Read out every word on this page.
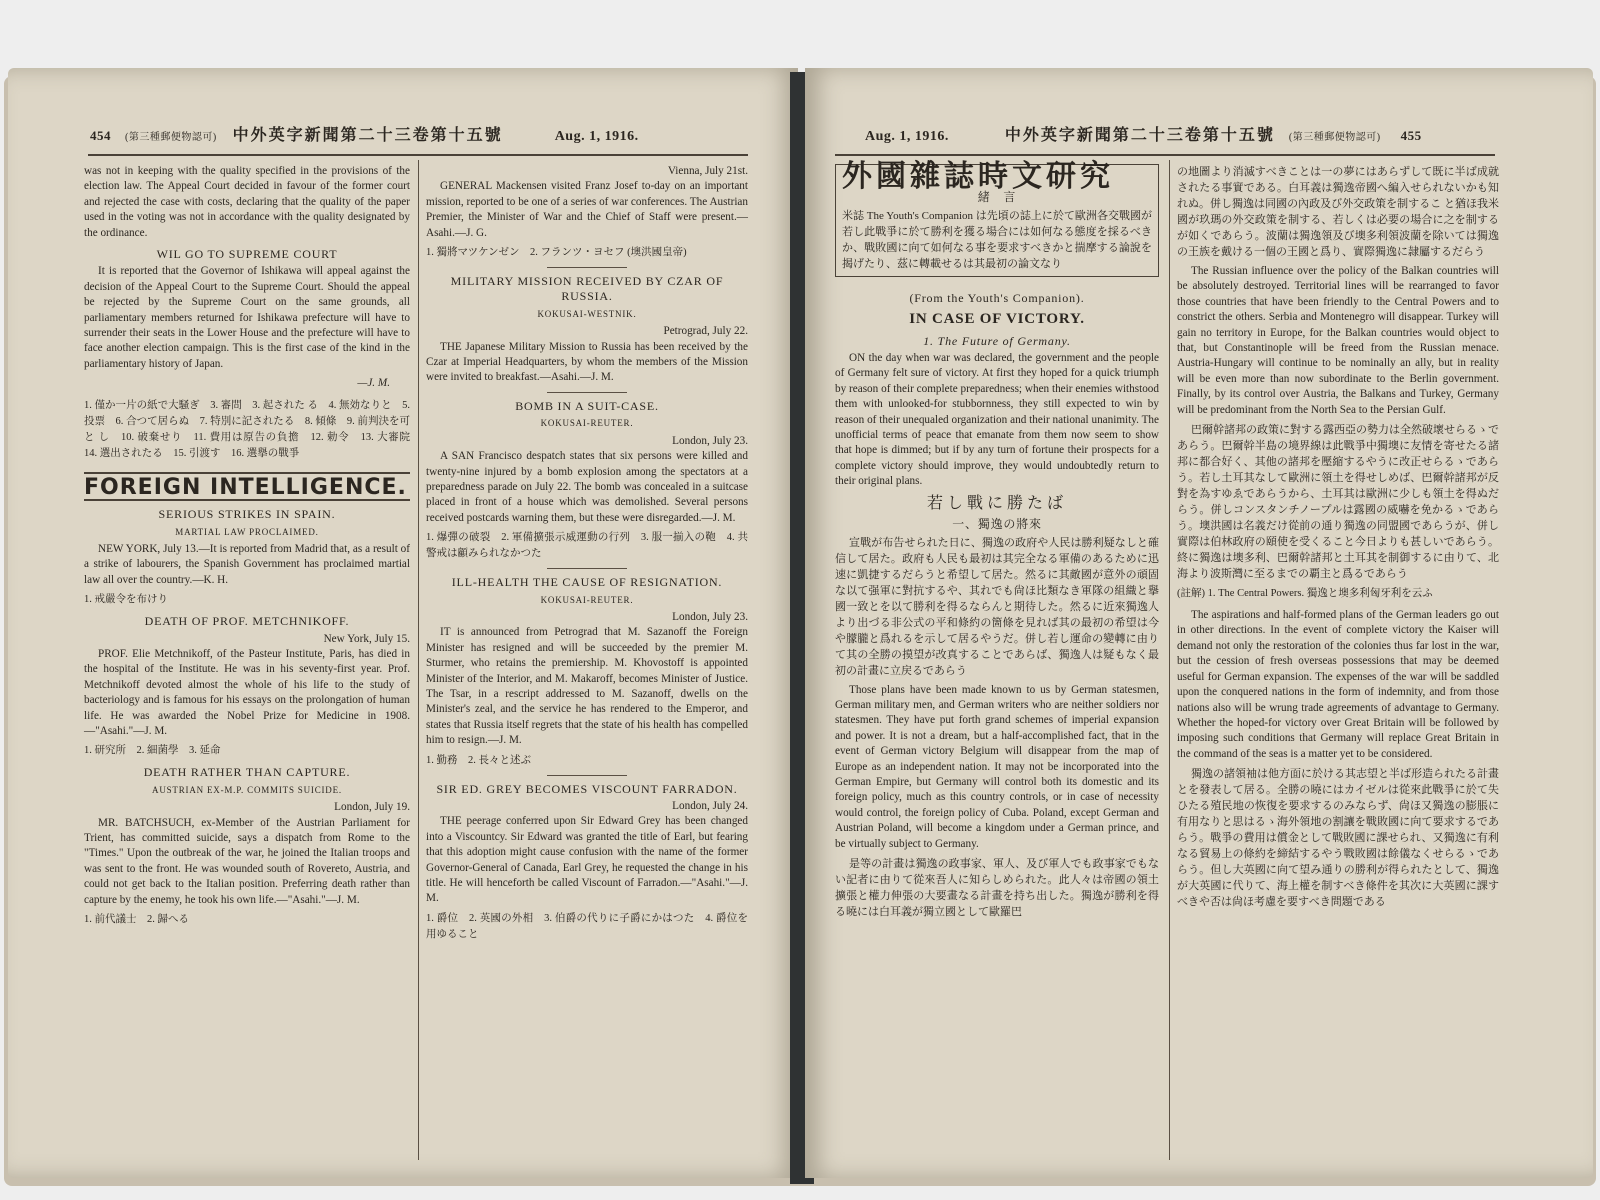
454 (第三種郵便物認可) 中外英字新聞第二十三卷第十五號	Aug. 1, 1916.

was not in keeping with the quality specified in the provisions of the election law. The Appeal Court decided in favour of the former court and rejected the case with costs, declaring that the quality of the paper used in the voting was not in accordance with the quality designated by the ordinance.

WIL GO TO SUPREME COURT

It is reported that the Governor of Ishikawa will appeal against the decision of the Appeal Court to the Supreme Court. Should the appeal be rejected by the Supreme Court on the same grounds, all parliamentary members returned for Ishikawa prefecture will have to surrender their seats in the Lower House and the prefecture will have to face another election campaign. This is the first case of the kind in the parliamentary history of Japan.

—J. M.
1. 僅か一片の紙で大騒ぎ　3. 審問　3. 起された る　4. 無効なりと　5. 投票　6. 合つて居らぬ　7. 特別に記されたる　8. 傾條　9. 前判決を可と し　10. 破棄せり　11. 費用は原告の負擔　12. 勅令　13. 大審院　14. 選出されたる　15. 引渡す　16. 選擧の戰爭
FOREIGN INTELLIGENCE.
SERIOUS STRIKES IN SPAIN.
MARTIAL LAW PROCLAIMED.

NEW YORK, July 13.—It is reported from Madrid that, as a result of a strike of labourers, the Spanish Government has proclaimed martial law all over the country.—K. H.

1. 戒嚴令を布けり
DEATH OF PROF. METCHNIKOFF.
New York, July 15.

PROF. Elie Metchnikoff, of the Pasteur Institute, Paris, has died in the hospital of the Institute. He was in his seventy-first year. Prof. Metchnikoff devoted almost the whole of his life to the study of bacteriology and is famous for his essays on the prolongation of human life. He was awarded the Nobel Prize for Medicine in 1908.—"Asahi."—J. M.

1. 研究所　2. 細菌學　3. 延命
DEATH RATHER THAN CAPTURE.
AUSTRIAN EX-M.P. COMMITS SUICIDE.
London, July 19.

MR. BATCHSUCH, ex-Member of the Austrian Parliament for Trient, has committed suicide, says a dispatch from Rome to the "Times." Upon the outbreak of the war, he joined the Italian troops and was sent to the front. He was wounded south of Rovereto, Austria, and could not get back to the Italian position. Preferring death rather than capture by the enemy, he took his own life.—"Asahi."—J. M.

1. 前代議士　2. 歸へる
Vienna, July 21st.

GENERAL Mackensen visited Franz Josef to-day on an important mission, reported to be one of a series of war conferences. The Austrian Premier, the Minister of War and the Chief of Staff were present.—Asahi.—J. G.

1. 獨將マツケンゼン　2. フランツ・ヨセフ (墺洪國皇帝)
MILITARY MISSION RECEIVED BY CZAR OF RUSSIA.
KOKUSAI-WESTNIK.
Petrograd, July 22.

THE Japanese Military Mission to Russia has been received by the Czar at Imperial Headquarters, by whom the members of the Mission were invited to breakfast.—Asahi.—J. M.

BOMB IN A SUIT-CASE.
KOKUSAI-REUTER.
London, July 23.

A SAN Francisco despatch states that six persons were killed and twenty-nine injured by a bomb explosion among the spectators at a preparedness parade on July 22. The bomb was concealed in a suitcase placed in front of a house which was demolished. Several persons received postcards warning them, but these were disregarded.—J. M.

1. 爆彈の破裂　2. 軍備擴張示威運動の行列　3. 服一揃入の鞄　4. 共警戒は顧みられなかつた
ILL-HEALTH THE CAUSE OF RESIGNATION.
KOKUSAI-REUTER.
London, July 23.

IT is announced from Petrograd that M. Sazanoff the Foreign Minister has resigned and will be succeeded by the premier M. Sturmer, who retains the premiership. M. Khovostoff is appointed Minister of the Interior, and M. Makaroff, becomes Minister of Justice. The Tsar, in a rescript addressed to M. Sazanoff, dwells on the Minister's zeal, and the service he has rendered to the Emperor, and states that Russia itself regrets that the state of his health has compelled him to resign.—J. M.

1. 勤務　2. 長々と述ぶ
SIR ED. GREY BECOMES VISCOUNT FARRADON.
London, July 24.

THE peerage conferred upon Sir Edward Grey has been changed into a Viscountcy. Sir Edward was granted the title of Earl, but fearing that this adoption might cause confusion with the name of the former Governor-General of Canada, Earl Grey, he requested the change in his title. He will henceforth be called Viscount of Farradon.—"Asahi."—J. M.

1. 爵位　2. 英國の外相　3. 伯爵の代りに子爵にかはつた　4. 爵位を用ゆること
Aug. 1, 1916.	中外英字新聞第二十三卷第十五號 (第三種郵便物認可) 455
外國雜誌時文研究
緒　言
米誌 The Youth's Companion は先頃の誌上に於て歐洲各交戰國が若し此戰爭に於て勝利を獲る場合には如何なる態度を採るべきか、戰敗國に向て如何なる事を要求すべきかと揣摩する論說を揭げたり、茲に轉載せるは其最初の論文なり
(From the Youth's Companion).
IN CASE OF VICTORY.
1. The Future of Germany.

ON the day when war was declared, the government and the people of Germany felt sure of victory. At first they hoped for a quick triumph by reason of their complete preparedness; when their enemies withstood them with unlooked-for stubbornness, they still expected to win by reason of their unequaled organization and their national unanimity. The unofficial terms of peace that emanate from them now seem to show that hope is dimmed; but if by any turn of fortune their prospects for a complete victory should improve, they would undoubtedly return to their original plans.

若し戰に勝たば
一、獨逸の將來

宣戰が布告せられた日に、獨逸の政府や人民は勝利疑なしと確信して居た。政府も人民も最初は其完全なる軍備のあるために迅速に凱捷するだらうと希望して居た。然るに其敵國が意外の頑固な以て强軍に對抗するや、其れでも尙ほ比類なき軍隊の組織と擧國一致とを以て勝利を得るならんと期待した。然るに近來獨逸人より出づる非公式の平和條約の箇條を見れば其の最初の希望は今や朦朧と爲れるを示して居るやうだ。併し若し運命の變轉に由りて其の全勝の摸望が改真することであらば、獨逸人は疑もなく最初の計畫に立戻るであらう

Those plans have been made known to us by German statesmen, German military men, and German writers who are neither soldiers nor statesmen. They have put forth grand schemes of imperial expansion and power. It is not a dream, but a half-accomplished fact, that in the event of German victory Belgium will disappear from the map of Europe as an independent nation. It may not be incorporated into the German Empire, but Germany will control both its domestic and its foreign policy, much as this country controls, or in case of necessity would control, the foreign policy of Cuba. Poland, except German and Austrian Poland, will become a kingdom under a German prince, and be virtually subject to Germany.

是等の計畫は獨逸の政事家、軍人、及び軍人でも政事家でもない記者に由りて從來吾人に知らしめられた。此人々は帝國の領土擴張と權力伸張の大要畫なる計畫を持ち出した。獨逸が勝利を得る曉には白耳義が獨立國として歐羅巴

の地圖より消滅すべきことは一の夢にはあらずして既に半ば成就されたる事實である。白耳義は獨逸帝國へ編入せられないかも知れぬ。併し獨逸は同國の內政及び外交政策を制するこ と猶ほ我米國が玖瑪の外交政策を制する、若しくは必要の場合に之を制するが如くであらう。波蘭は獨逸領及び墺多利領波蘭を除いては獨逸の王族を戴ける一個の王國と爲り、實際獨逸に隷屬するだらう

The Russian influence over the policy of the Balkan countries will be absolutely destroyed. Territorial lines will be rearranged to favor those countries that have been friendly to the Central Powers and to constrict the others. Serbia and Montenegro will disappear. Turkey will gain no territory in Europe, for the Balkan countries would object to that, but Constantinople will be freed from the Russian menace. Austria-Hungary will continue to be nominally an ally, but in reality will be even more than now subordinate to the Berlin government. Finally, by its control over Austria, the Balkans and Turkey, Germany will be predominant from the North Sea to the Persian Gulf.

巴爾幹諸邦の政策に對する露西亞の勢力は全然破壞せらるゝであらう。巴爾幹半島の境界線は此戰爭中獨墺に友情を寄せたる諸邦に都合好く、其他の諸邦を壓縮するやうに改正せらるゝであらう。若し土耳其なして歐洲に領土を得せしめば、巴爾幹諸邦が反對を為すゆゑであらうから、土耳其は歐洲に少しも領土を得ぬだらう。併しコンスタンチノープルは露國の威嚇を免かるゝであらう。墺洪國は名義だけ從前の通り獨逸の同盟國であらうが、併し實際は伯林政府の頤使を受くること今日よりも甚しいであらう。終に獨逸は墺多利、巴爾幹諸邦と土耳其を制御するに由りて、北海より波斯灣に至るまでの覇主と爲るであらう

(註解) 1. The Central Powers. 獨逸と墺多利匈牙利を云ふ

The aspirations and half-formed plans of the German leaders go out in other directions. In the event of complete victory the Kaiser will demand not only the restoration of the colonies thus far lost in the war, but the cession of fresh overseas possessions that may be deemed useful for German expansion. The expenses of the war will be saddled upon the conquered nations in the form of indemnity, and from those nations also will be wrung trade agreements of advantage to Germany. Whether the hoped-for victory over Great Britain will be followed by imposing such conditions that Germany will replace Great Britain in the command of the seas is a matter yet to be considered.

獨逸の諸領袖は他方面に於ける其志望と半ば形造られたる計畫とを發表して居る。全勝の曉にはカイゼルは從來此戰爭に於て失ひたる殖民地の恢復を要求するのみならず、尙ほ又獨逸の膨脹に有用なりと思はるゝ海外領地の割讓を戰敗國に向て要求するであらう。戰爭の費用は償金として戰敗國に課せられ、又獨逸に有利なる貿易上の條約を締結するやう戰敗國は餘儀なくせらるゝであらう。但し大英國に向て望み通りの勝利が得られたとして、獨逸が大英國に代りて、海上權を制すべき條件を其次に大英國に課すべきや否は尙ほ考慮を要すべき問題である
